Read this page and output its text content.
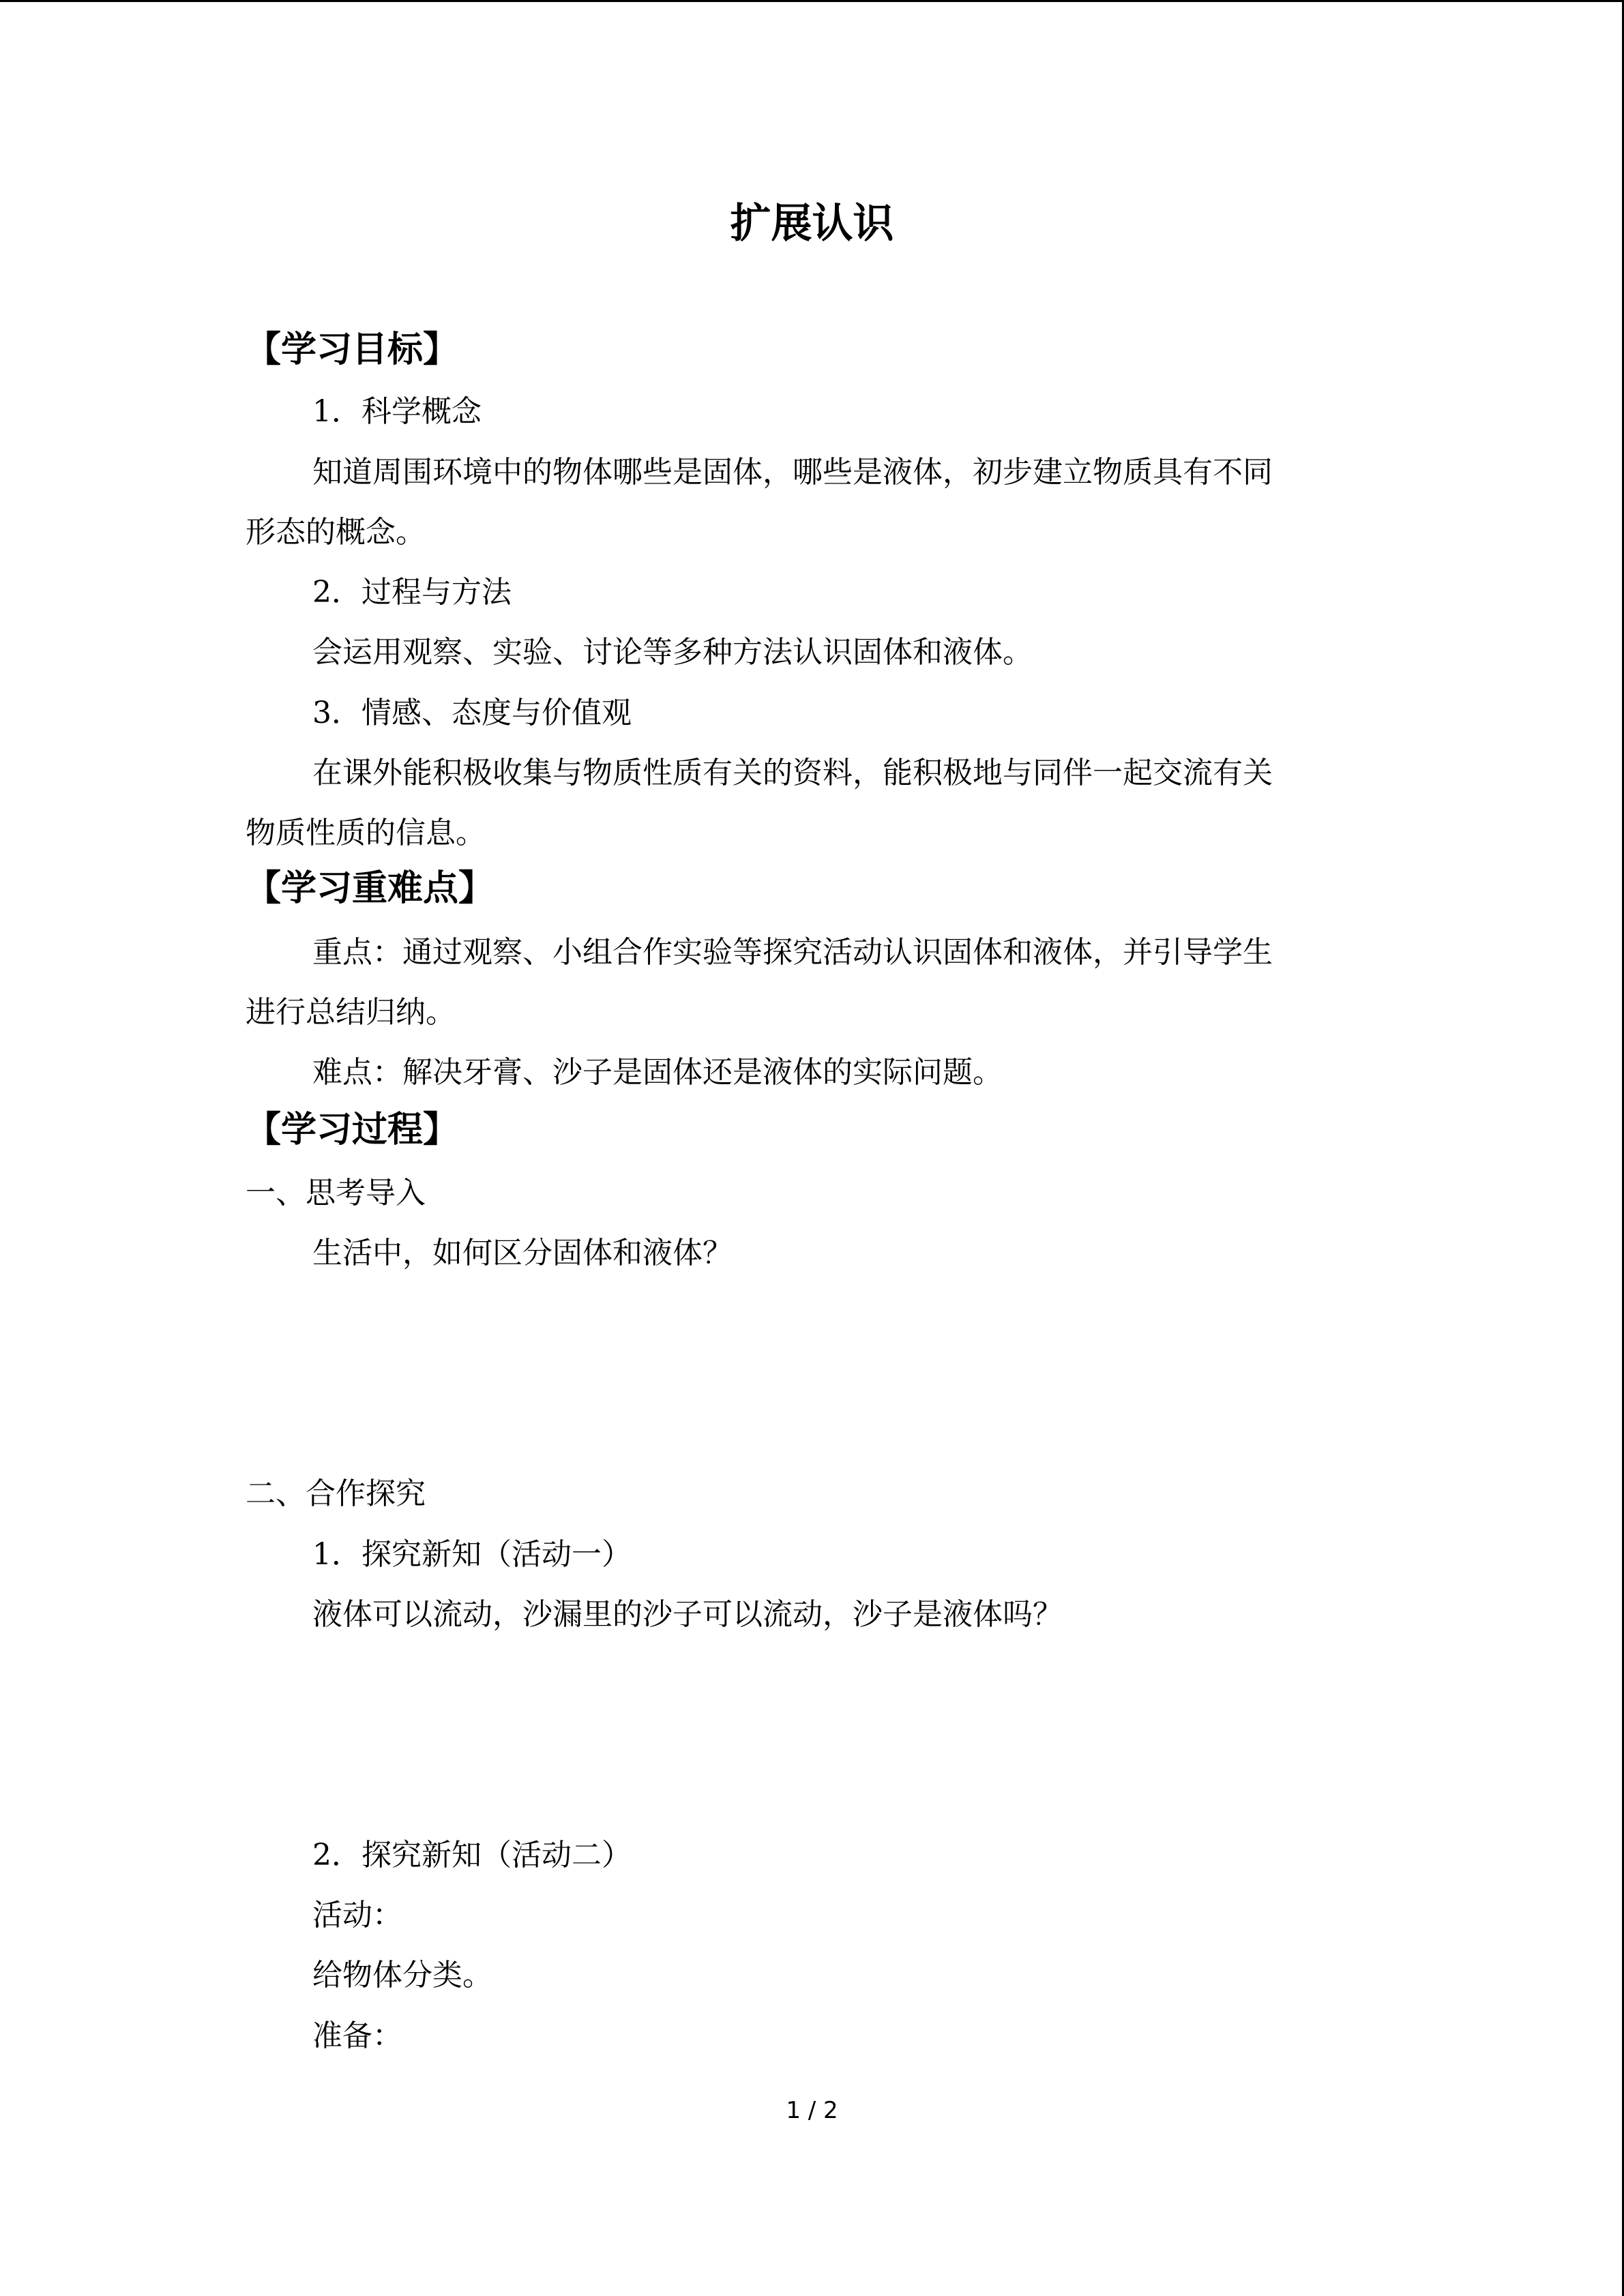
扩展认识
【学习目标】
1．科学概念
知道周围环境中的物体哪些是固体，哪些是液体，初步建立物质具有不同
形态的概念。
2．过程与方法
会运用观察、实验、讨论等多种方法认识固体和液体。
3．情感、态度与价值观
在课外能积极收集与物质性质有关的资料，能积极地与同伴一起交流有关
物质性质的信息。
【学习重难点】
重点：通过观察、小组合作实验等探究活动认识固体和液体，并引导学生
进行总结归纳。
难点：解决牙膏、沙子是固体还是液体的实际问题。
【学习过程】
一、思考导入
生活中，如何区分固体和液体？
二、合作探究
1．探究新知（活动一）
液体可以流动，沙漏里的沙子可以流动，沙子是液体吗？
2．探究新知（活动二）
活动：
给物体分类。
准备：
1 / 2
